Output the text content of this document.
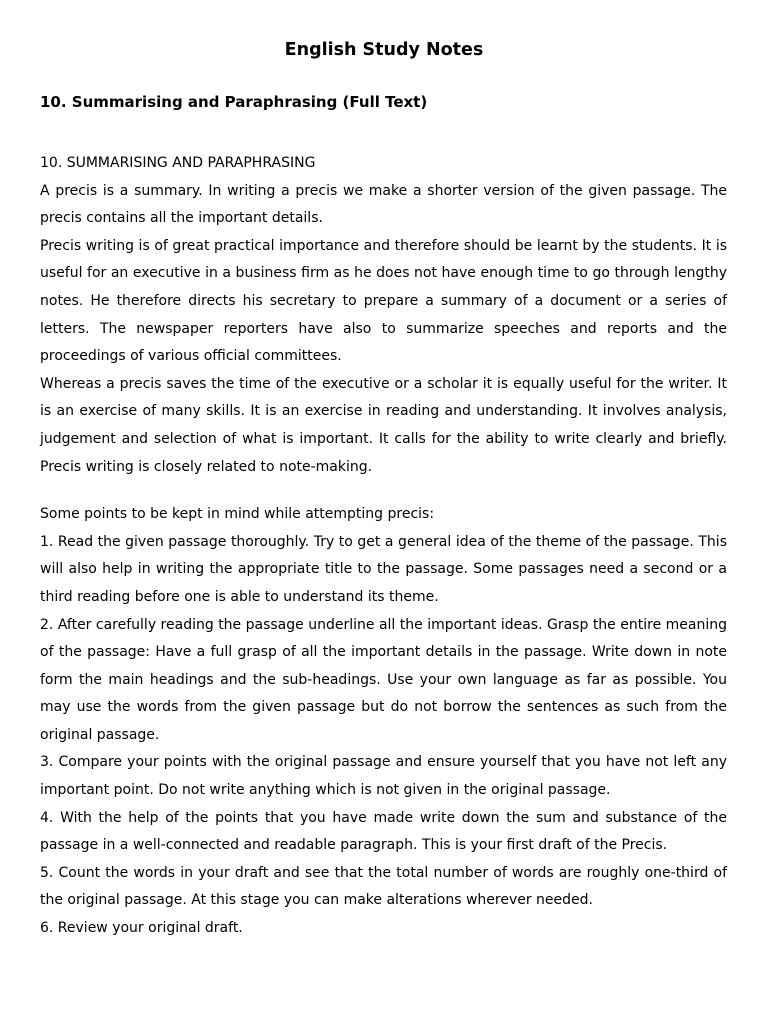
English Study Notes
10. Summarising and Paraphrasing (Full Text)

10. SUMMARISING AND PARAPHRASING

A precis is a summary. In writing a precis we make a shorter version of the given passage. The precis contains all the important details.

Precis writing is of great practical importance and therefore should be learnt by the students. It is useful for an executive in a business firm as he does not have enough time to go through lengthy notes. He therefore directs his secretary to prepare a summary of a document or a series of letters. The newspaper reporters have also to summarize speeches and reports and the proceedings of various official committees.

Whereas a precis saves the time of the executive or a scholar it is equally useful for the writer. It is an exercise of many skills. It is an exercise in reading and understanding. It involves analysis, judgement and selection of what is important. It calls for the ability to write clearly and briefly. Precis writing is closely related to note-making.

Some points to be kept in mind while attempting precis:

1. Read the given passage thoroughly. Try to get a general idea of the theme of the passage. This will also help in writing the appropriate title to the passage. Some passages need a second or a third reading before one is able to understand its theme.

2. After carefully reading the passage underline all the important ideas. Grasp the entire meaning of the passage: Have a full grasp of all the important details in the passage. Write down in note form the main headings and the sub-headings. Use your own language as far as possible. You may use the words from the given passage but do not borrow the sentences as such from the original passage.

3. Compare your points with the original passage and ensure yourself that you have not left any important point. Do not write anything which is not given in the original passage.

4. With the help of the points that you have made write down the sum and substance of the passage in a well-connected and readable paragraph. This is your first draft of the Precis.

5. Count the words in your draft and see that the total number of words are roughly one-third of the original passage. At this stage you can make alterations wherever needed.

6. Review your original draft.
